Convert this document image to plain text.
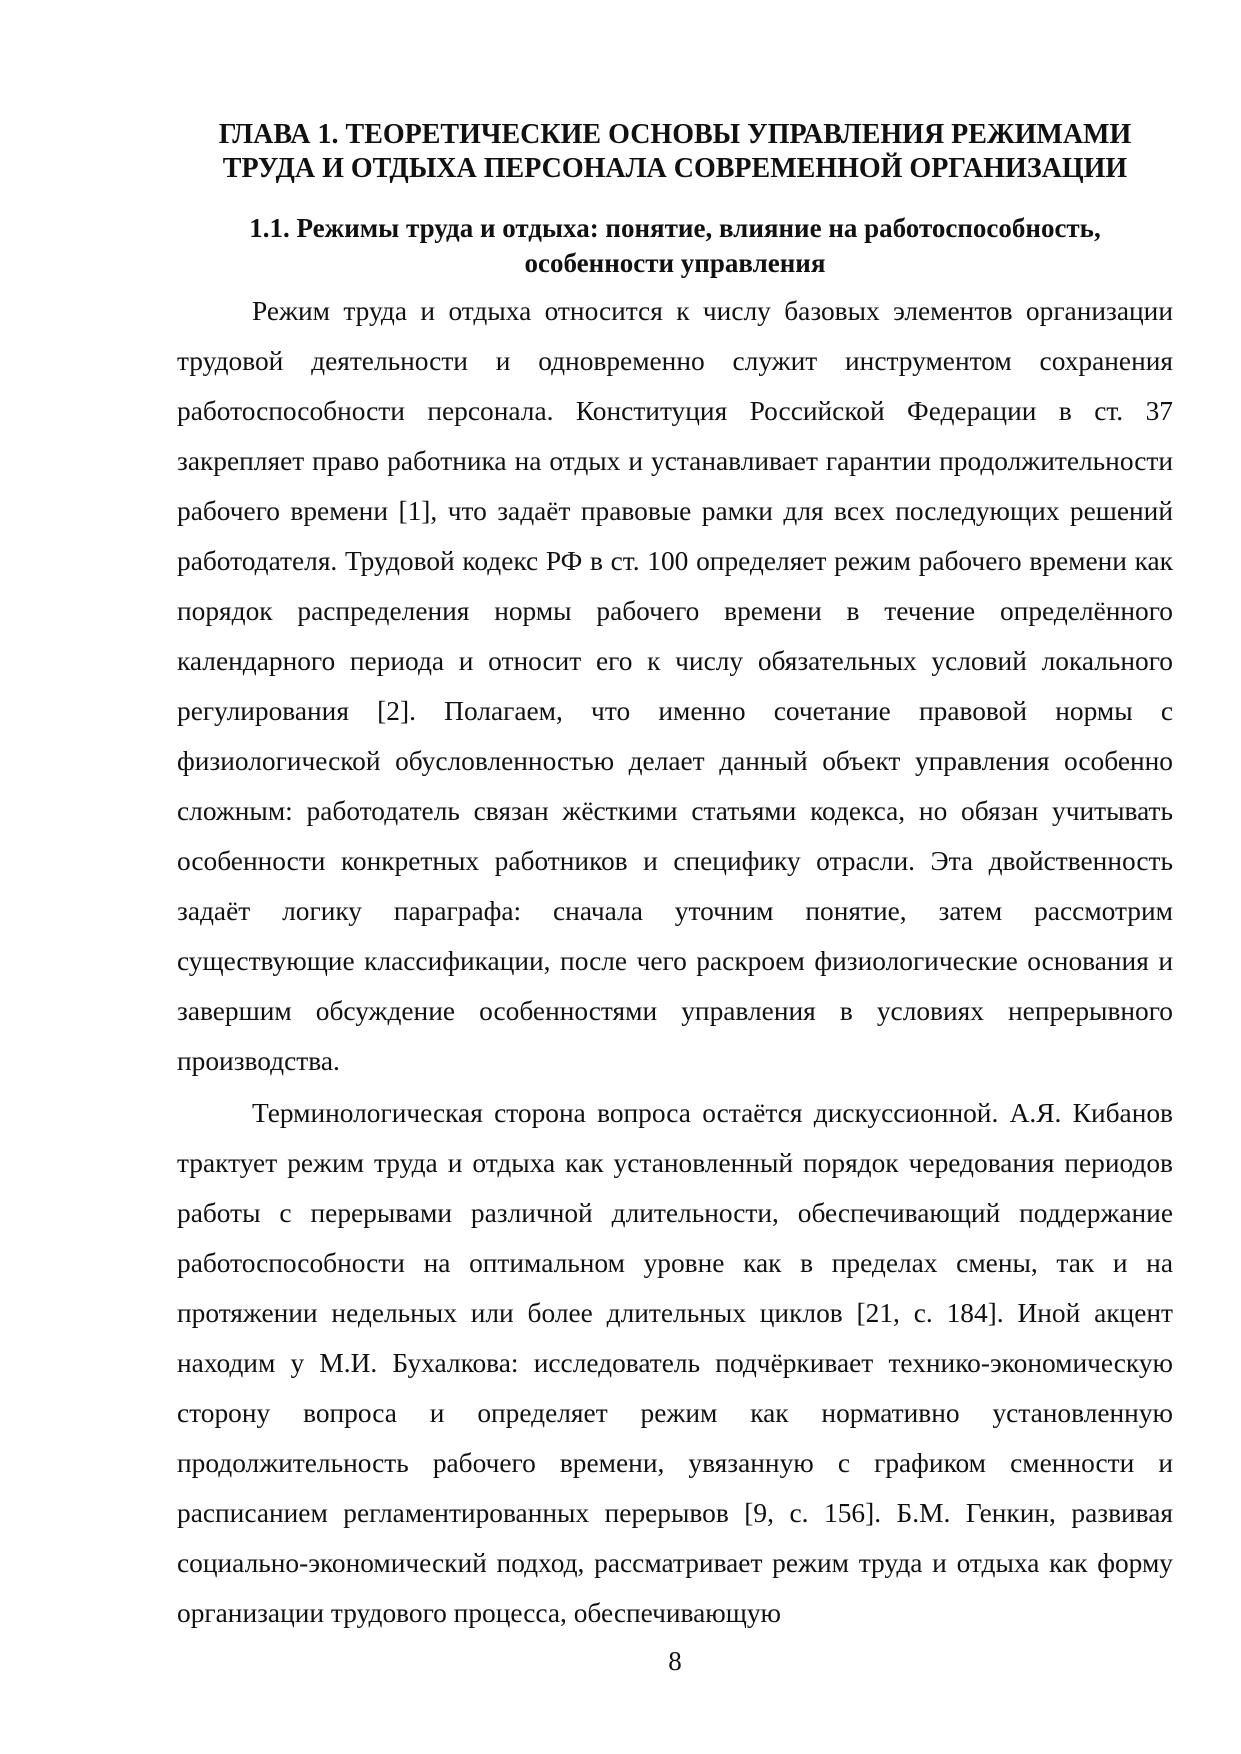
ГЛАВА 1. ТЕОРЕТИЧЕСКИЕ ОСНОВЫ УПРАВЛЕНИЯ РЕЖИМАМИ ТРУДА И ОТДЫХА ПЕРСОНАЛА СОВРЕМЕННОЙ ОРГАНИЗАЦИИ
1.1. Режимы труда и отдыха: понятие, влияние на работоспособность, особенности управления

Режим труда и отдыха относится к числу базовых элементов организации трудовой деятельности и одновременно служит инструментом сохранения работоспособности персонала. Конституция Российской Федерации в ст. 37 закрепляет право работника на отдых и устанавливает гарантии продолжительности рабочего времени [1], что задаёт правовые рамки для всех последующих решений работодателя. Трудовой кодекс РФ в ст. 100 определяет режим рабочего времени как порядок распределения нормы рабочего времени в течение определённого календарного периода и относит его к числу обязательных условий локального регулирования [2]. Полагаем, что именно сочетание правовой нормы с физиологической обусловленностью делает данный объект управления особенно сложным: работодатель связан жёсткими статьями кодекса, но обязан учитывать особенности конкретных работников и специфику отрасли. Эта двойственность задаёт логику параграфа: сначала уточним понятие, затем рассмотрим существующие классификации, после чего раскроем физиологические основания и завершим обсуждение особенностями управления в условиях непрерывного производства.

Терминологическая сторона вопроса остаётся дискуссионной. А.Я. Кибанов трактует режим труда и отдыха как установленный порядок чередования периодов работы с перерывами различной длительности, обеспечивающий поддержание работоспособности на оптимальном уровне как в пределах смены, так и на протяжении недельных или более длительных циклов [21, с. 184]. Иной акцент находим у М.И. Бухалкова: исследователь подчёркивает технико-экономическую сторону вопроса и определяет режим как нормативно установленную продолжительность рабочего времени, увязанную с графиком сменности и расписанием регламентированных перерывов [9, с. 156]. Б.М. Генкин, развивая социально-экономический подход, рассматривает режим труда и отдыха как форму организации трудового процесса, обеспечивающую

8
